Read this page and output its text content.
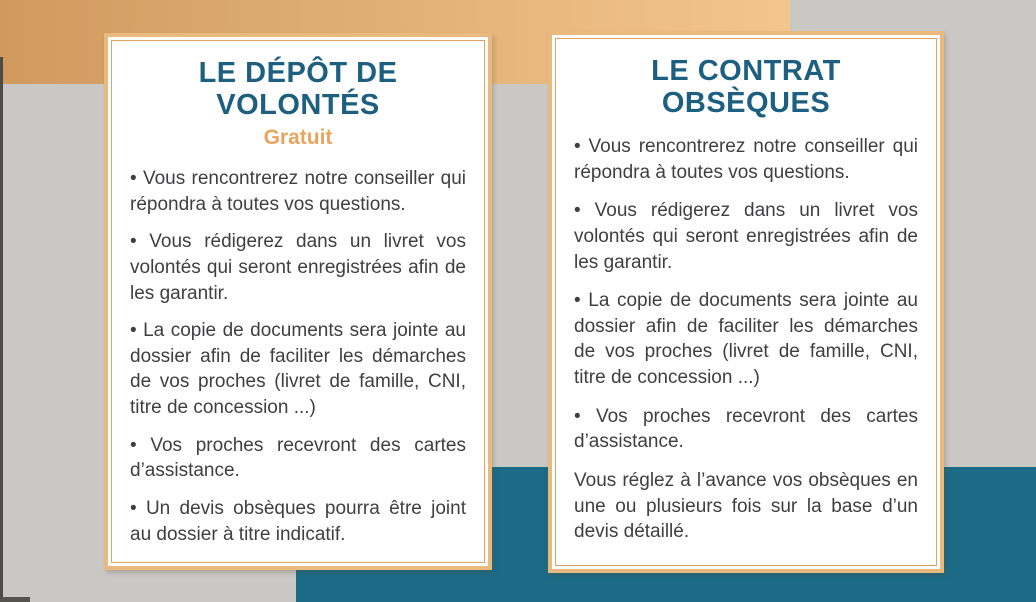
LE DÉPÔT DE VOLONTÉS
Gratuit

• Vous rencontrerez notre conseiller qui répondra à toutes vos questions.

• Vous rédigerez dans un livret vos volontés qui seront enregistrées afin de les garantir.

• La copie de documents sera jointe au dossier afin de faciliter les démarches de vos proches (livret de famille, CNI, titre de concession ...)

• Vos proches recevront des cartes d’assistance.

• Un devis obsèques pourra être joint au dossier à titre indicatif.

LE CONTRAT OBSÈQUES

• Vous rencontrerez notre conseiller qui répondra à toutes vos questions.

• Vous rédigerez dans un livret vos volontés qui seront enregistrées afin de les garantir.

• La copie de documents sera jointe au dossier afin de faciliter les démarches de vos proches (livret de famille, CNI, titre de concession ...)

• Vos proches recevront des cartes d’assistance.

Vous réglez à l’avance vos obsèques en une ou plusieurs fois sur la base d’un devis détaillé.
